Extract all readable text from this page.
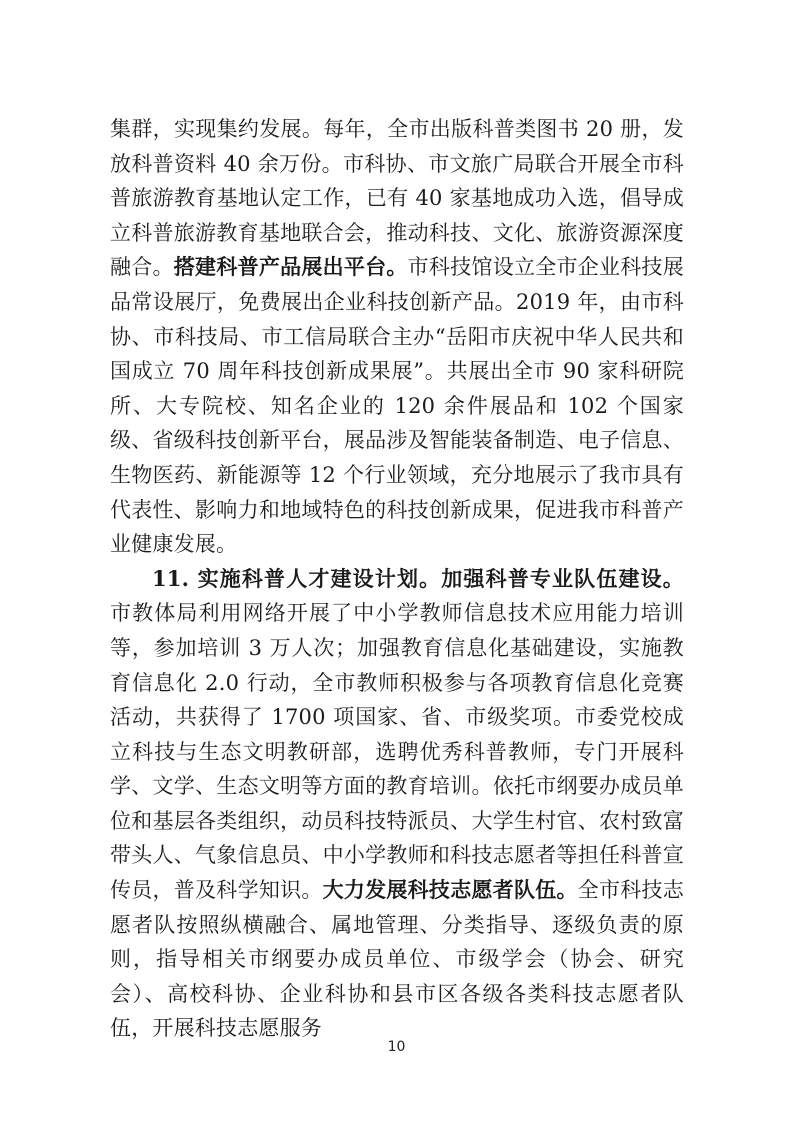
集群，实现集约发展。每年，全市出版科普类图书 20 册，发放科普资料 40 余万份。市科协、市文旅广局联合开展全市科普旅游教育基地认定工作，已有 40 家基地成功入选，倡导成立科普旅游教育基地联合会，推动科技、文化、旅游资源深度融合。搭建科普产品展出平台。市科技馆设立全市企业科技展品常设展厅，免费展出企业科技创新产品。2019 年，由市科协、市科技局、市工信局联合主办“岳阳市庆祝中华人民共和国成立 70 周年科技创新成果展”。共展出全市 90 家科研院所、大专院校、知名企业的 120 余件展品和 102 个国家级、省级科技创新平台，展品涉及智能装备制造、电子信息、生物医药、新能源等 12 个行业领域，充分地展示了我市具有代表性、影响力和地域特色的科技创新成果，促进我市科普产业健康发展。

11. 实施科普人才建设计划。加强科普专业队伍建设。市教体局利用网络开展了中小学教师信息技术应用能力培训等，参加培训 3 万人次；加强教育信息化基础建设，实施教育信息化 2.0 行动，全市教师积极参与各项教育信息化竞赛活动，共获得了 1700 项国家、省、市级奖项。市委党校成立科技与生态文明教研部，选聘优秀科普教师，专门开展科学、文学、生态文明等方面的教育培训。依托市纲要办成员单位和基层各类组织，动员科技特派员、大学生村官、农村致富带头人、气象信息员、中小学教师和科技志愿者等担任科普宣传员，普及科学知识。大力发展科技志愿者队伍。全市科技志愿者队按照纵横融合、属地管理、分类指导、逐级负责的原则，指导相关市纲要办成员单位、市级学会（协会、研究会）、高校科协、企业科协和县市区各级各类科技志愿者队伍，开展科技志愿服务

10
